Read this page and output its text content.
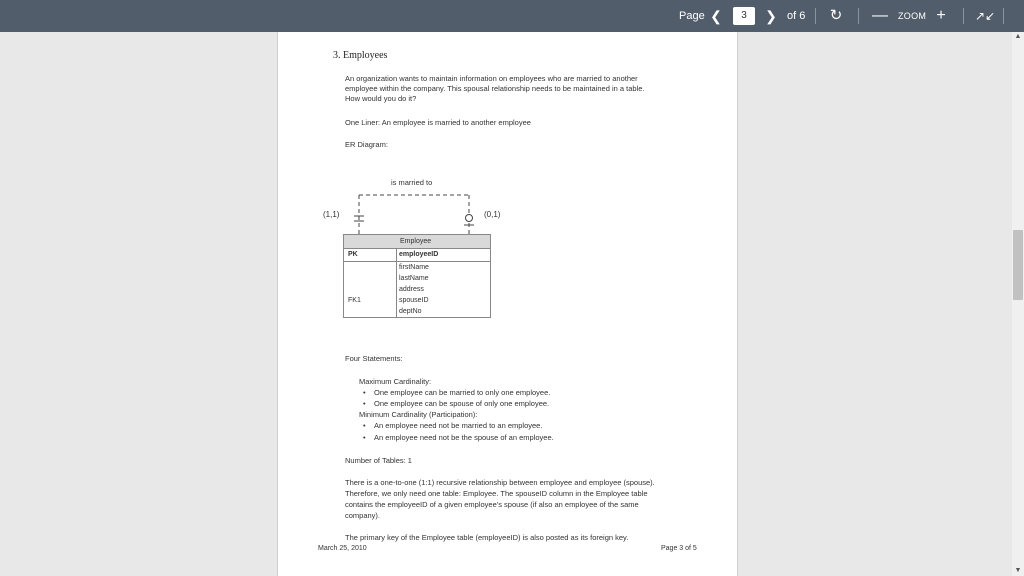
Page ❮	3	❯ of 6 ↻ — ZOOM + ↗↙
3. Employees
An organization wants to maintain information on employees who are married to another
employee within the company. This spousal relationship needs to be maintained in a table.
How would you do it?
One Liner: An employee is married to another employee
ER Diagram:
is married to
(1,1)	(0,1)
Employee
PK	employeeID
firstName
lastName
address
FK1	spouseID
deptNo
Four Statements:
Maximum Cardinality:
• One employee can be married to only one employee.
• One employee can be spouse of only one employee.
Minimum Cardinality (Participation):
• An employee need not be married to an employee.
• An employee need not be the spouse of an employee.
Number of Tables: 1
There is a one-to-one (1:1) recursive relationship between employee and employee (spouse).
Therefore, we only need one table: Employee. The spouseID column in the Employee table
contains the employeeID of a given employee's spouse (if also an employee of the same
company).
The primary key of the Employee table (employeeID) is also posted as its foreign key.
March 25, 2010	Page 3 of 5
▲
▼
